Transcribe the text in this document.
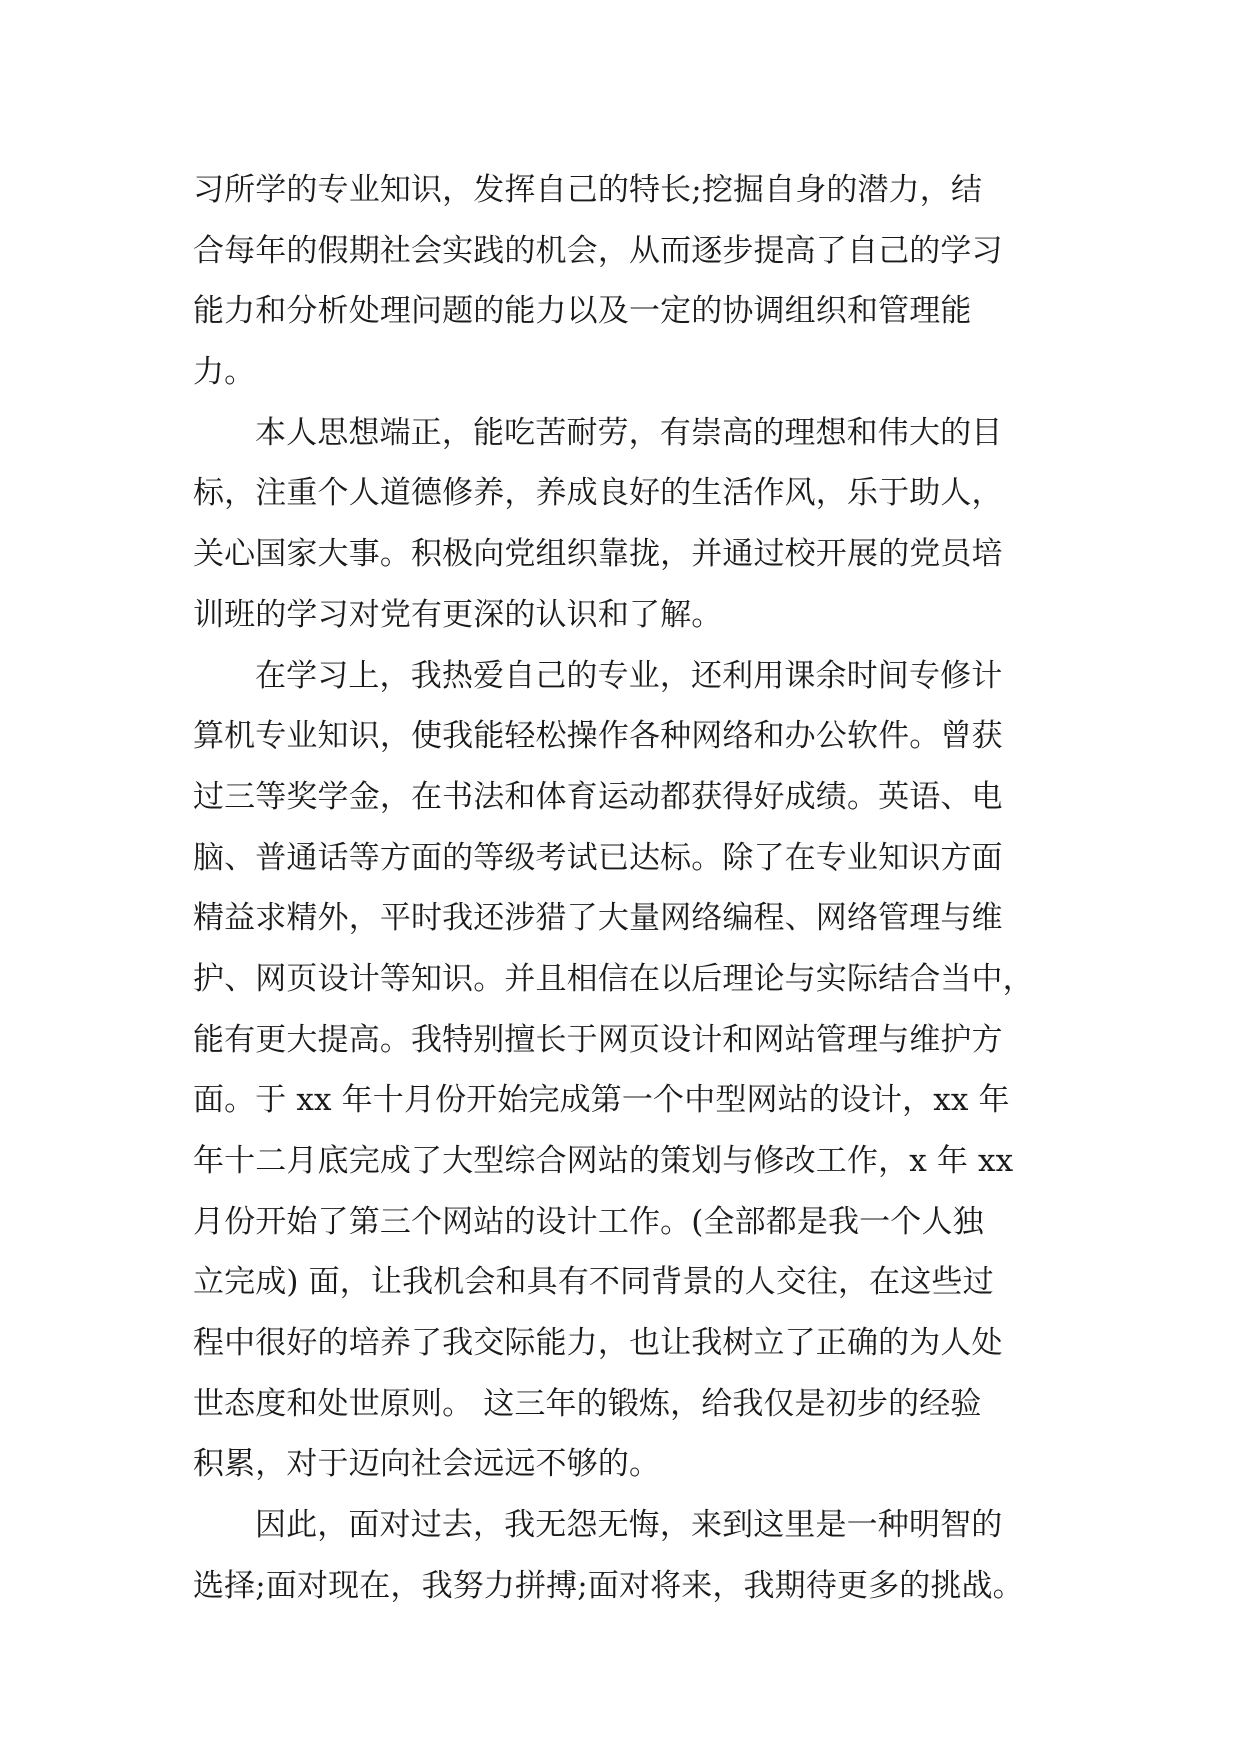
习所学的专业知识，发挥自己的特长;挖掘自身的潜力，结
合每年的假期社会实践的机会，从而逐步提高了自己的学习
能力和分析处理问题的能力以及一定的协调组织和管理能
力。
本人思想端正，能吃苦耐劳，有崇高的理想和伟大的目
标，注重个人道德修养，养成良好的生活作风，乐于助人，
关心国家大事。积极向党组织靠拢，并通过校开展的党员培
训班的学习对党有更深的认识和了解。
在学习上，我热爱自己的专业，还利用课余时间专修计
算机专业知识，使我能轻松操作各种网络和办公软件。曾获
过三等奖学金，在书法和体育运动都获得好成绩。英语、电
脑、普通话等方面的等级考试已达标。除了在专业知识方面
精益求精外，平时我还涉猎了大量网络编程、网络管理与维
护、网页设计等知识。并且相信在以后理论与实际结合当中，
能有更大提高。我特别擅长于网页设计和网站管理与维护方
面。于 xx 年十月份开始完成第一个中型网站的设计，xx 年
年十二月底完成了大型综合网站的策划与修改工作，x 年 xx
月份开始了第三个网站的设计工作。(全部都是我一个人独
立完成) 面，让我机会和具有不同背景的人交往，在这些过
程中很好的培养了我交际能力，也让我树立了正确的为人处
世态度和处世原则。 这三年的锻炼，给我仅是初步的经验
积累，对于迈向社会远远不够的。
因此，面对过去，我无怨无悔，来到这里是一种明智的
选择;面对现在，我努力拼搏;面对将来，我期待更多的挑战。
